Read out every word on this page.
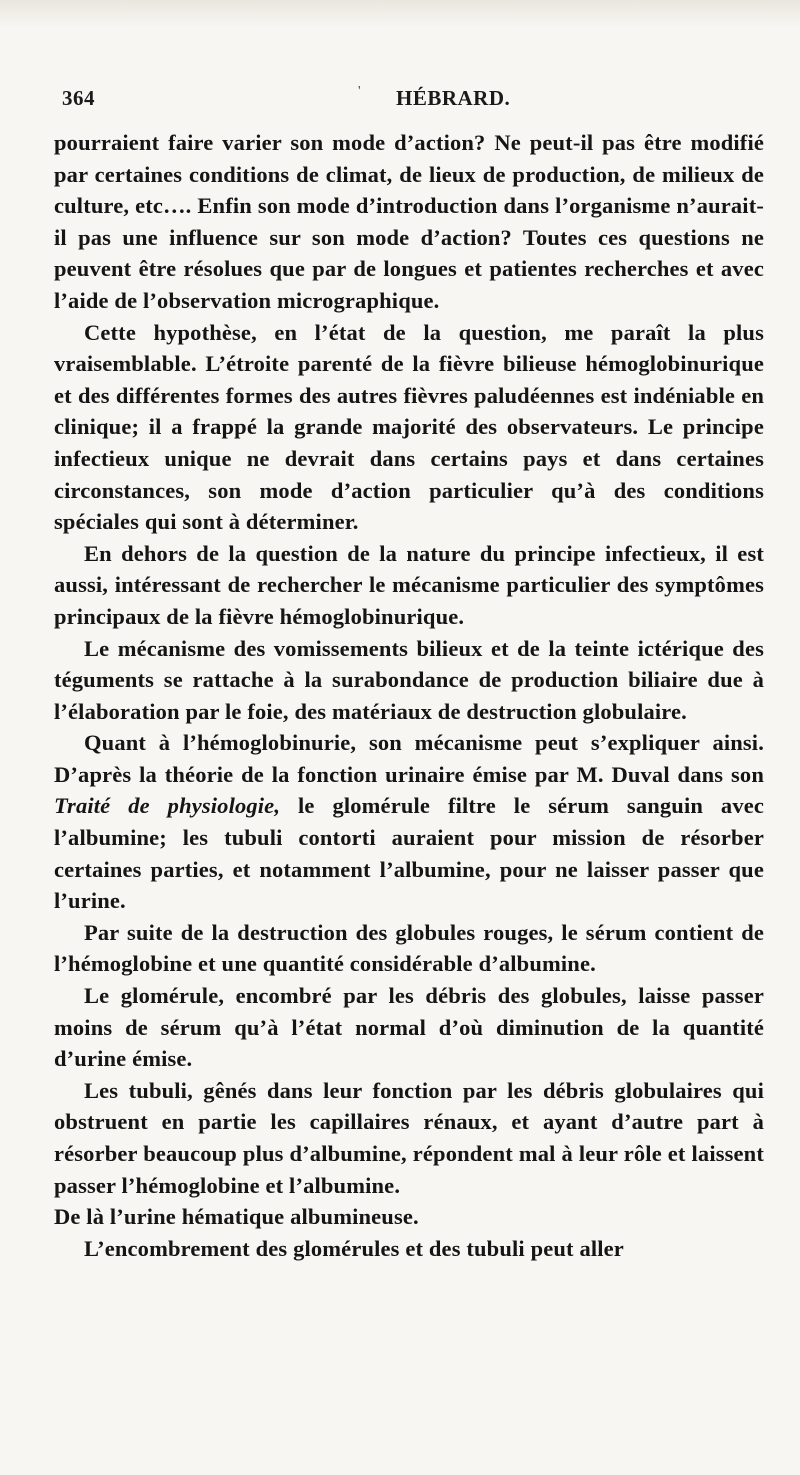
364	' HÉBRARD.

pourraient faire varier son mode d’action? Ne peut-il pas être modifié par certaines conditions de climat, de lieux de production, de milieux de culture, etc…. Enfin son mode d’introduction dans l’organisme n’aurait-il pas une influence sur son mode d’action? Toutes ces questions ne peuvent être résolues que par de longues et patientes recherches et avec l’aide de l’observation micrographique.

Cette hypothèse, en l’état de la question, me paraît la plus vraisemblable. L’étroite parenté de la fièvre bilieuse hémoglobinurique et des différentes formes des autres fièvres paludéennes est indéniable en clinique; il a frappé la grande majorité des observateurs. Le principe infectieux unique ne devrait dans certains pays et dans certaines circonstances, son mode d’action particulier qu’à des conditions spéciales qui sont à déterminer.

En dehors de la question de la nature du principe infectieux, il est aussi, intéressant de rechercher le mécanisme particulier des symptômes principaux de la fièvre hémoglobinurique.

Le mécanisme des vomissements bilieux et de la teinte ictérique des téguments se rattache à la surabondance de production biliaire due à l’élaboration par le foie, des matériaux de destruction globulaire.

Quant à l’hémoglobinurie, son mécanisme peut s’expliquer ainsi. D’après la théorie de la fonction urinaire émise par M. Duval dans son Traité de physiologie, le glomérule filtre le sérum sanguin avec l’albumine; les tubuli contorti auraient pour mission de résorber certaines parties, et notamment l’albumine, pour ne laisser passer que l’urine.

Par suite de la destruction des globules rouges, le sérum contient de l’hémoglobine et une quantité considérable d’albumine.

Le glomérule, encombré par les débris des globules, laisse passer moins de sérum qu’à l’état normal d’où diminution de la quantité d’urine émise.

Les tubuli, gênés dans leur fonction par les débris globulaires qui obstruent en partie les capillaires rénaux, et ayant d’autre part à résorber beaucoup plus d’albumine, répondent mal à leur rôle et laissent passer l’hémoglobine et l’albumine.

De là l’urine hématique albumineuse.

L’encombrement des glomérules et des tubuli peut aller
